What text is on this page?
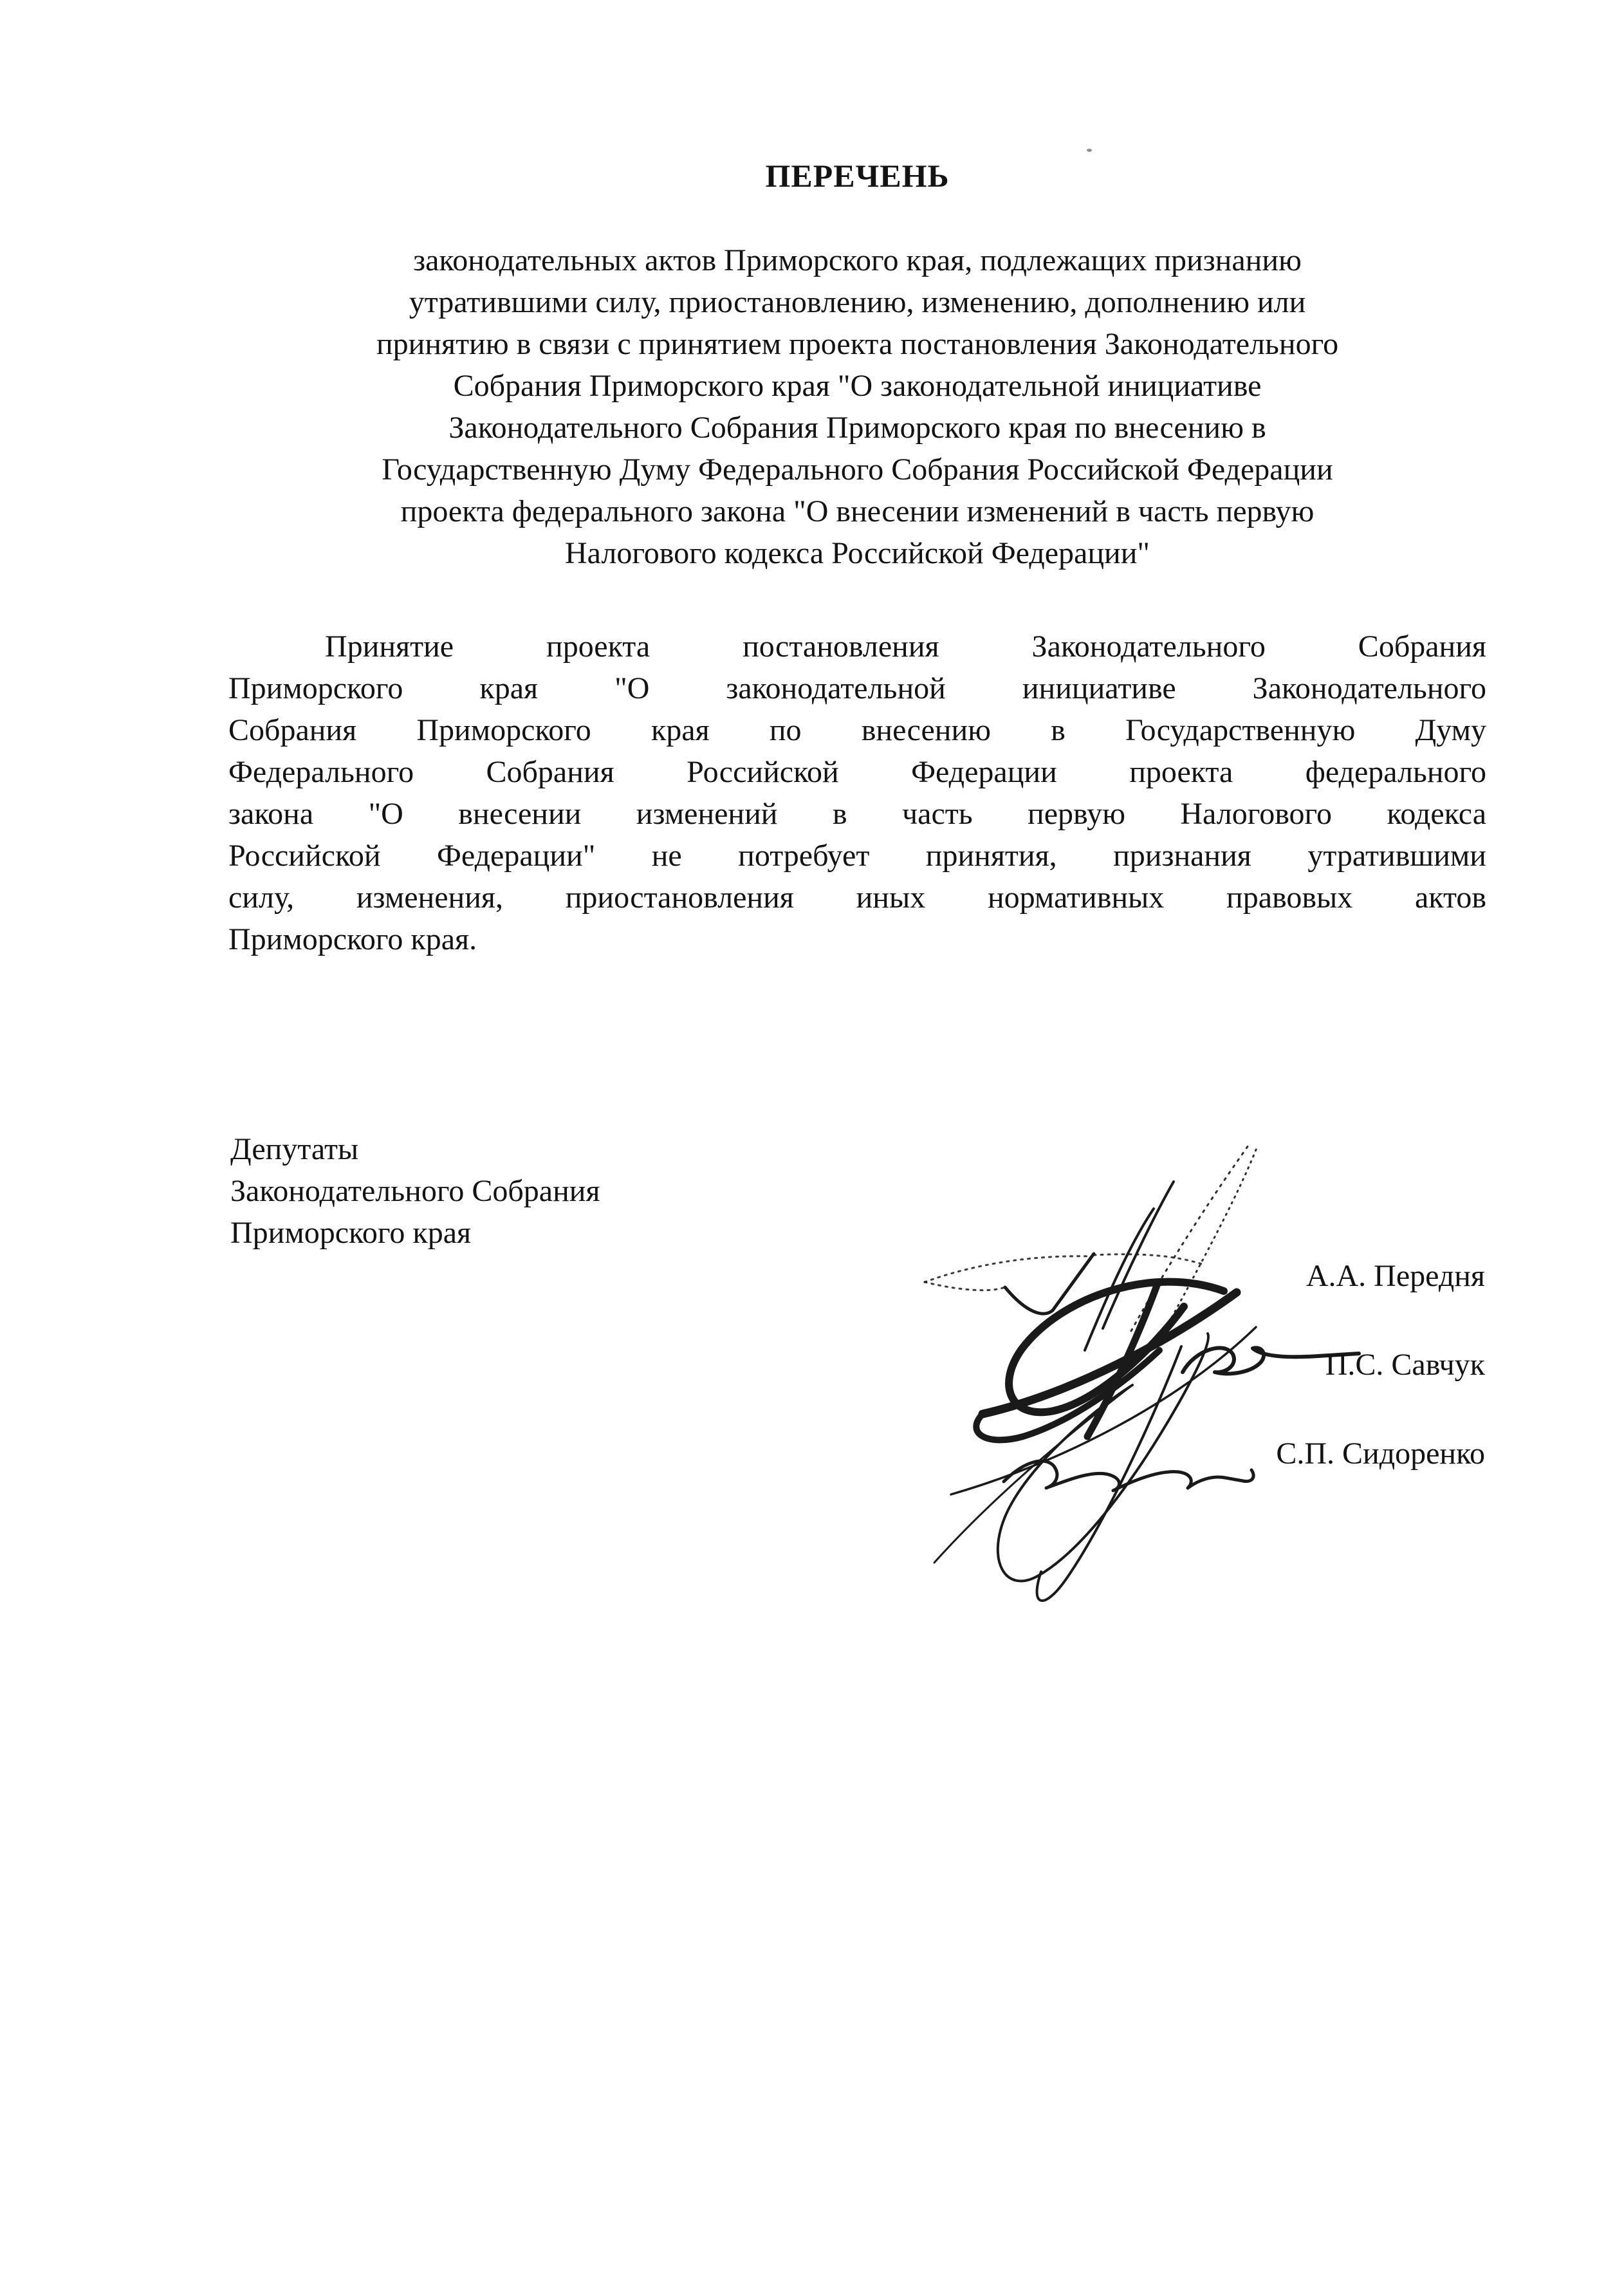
ПЕРЕЧЕНЬ
законодательных актов Приморского края, подлежащих признанию
утратившими силу, приостановлению, изменению, дополнению или
принятию в связи с принятием проекта постановления Законодательного
Собрания Приморского края "О законодательной инициативе
Законодательного Собрания Приморского края по внесению в
Государственную Думу Федерального Собрания Российской Федерации
проекта федерального закона "О внесении изменений в часть первую
Налогового кодекса Российской Федерации"
Принятие проекта постановления Законодательного Собрания
Приморского края "О законодательной инициативе Законодательного
Собрания Приморского края по внесению в Государственную Думу
Федерального Собрания Российской Федерации проекта федерального
закона "О внесении изменений в часть первую Налогового кодекса
Российской Федерации" не потребует принятия, признания утратившими
силу, изменения, приостановления иных нормативных правовых актов
Приморского края.
Депутаты
Законодательного Собрания
Приморского края
А.А. Передня
П.С. Савчук
С.П. Сидоренко
